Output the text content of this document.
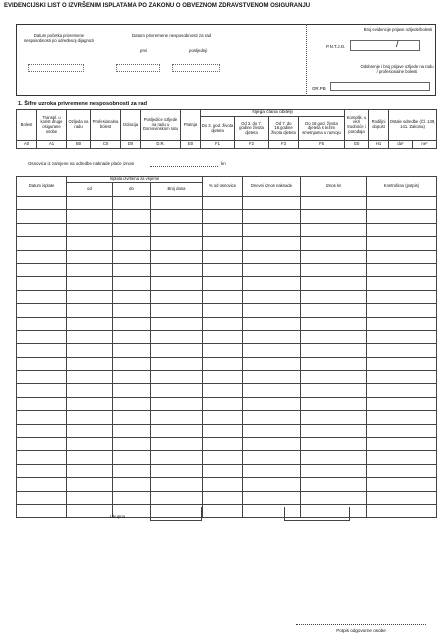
EVIDENCIJSKI LIST O IZVRŠENIM ISPLATAMA PO ZAKONU O OBVEZNOM ZDRAVSTVENOM OSIGURANJU
Datum početka privremene nesposobnosti po određenoj dijagnozi
Datum privremene nesposobnosti za rad
prvi	posljednji
Broj evidencije prijave ozljede/bolesti
P.N.T.J.O.	/
Odobrenje i broj prijave ozljede na radu / profesionalne bolesti
OR.PB
1. Šifre uzroka privremene nesposobnosti za rad
Bolest	Transpl. u korist druge osigurane osobe	Ozljeda na radu	Profesionalna bolest	Izolacija	Posljedice ozljede na radu u Domovinskom ratu	Pratnja	Njega člana obitelji				Komplik. u vezi trudnoće i porođaja	Rodiljni dopust	Ostale odredbe (Čl. 139, 141. Zakona)	
							Do 3. god. života djeteta	Od 3. do 7. godine života djeteta	Od 7. do 18.godine života djeteta	Do 18.god. života djeteta s težim smetnjama u razvoju				
A0	A1	B0	C0	D0	D.R.	E0	F1	F2	F3	F5	G0	H1	da*	ne*
Osnovica iz zamjene na odredbe naknade plaće iznosi	kn
Datum isplate	Isplata izvršena za vrijeme			% od osnovice	Dnevni iznos naknade	Iznos kn	Kontrolirao (potpis)
	od	do	Broj dana				

Ukupno
Potpis odgovorne osobe
